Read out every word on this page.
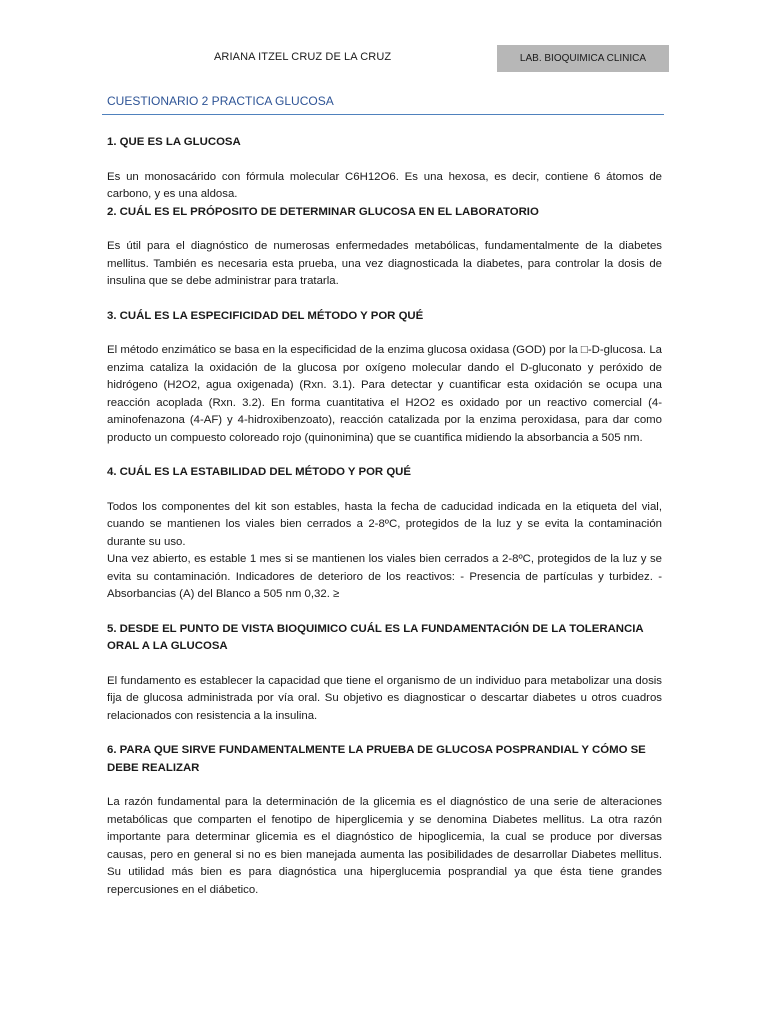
ARIANA ITZEL CRUZ DE LA CRUZ	LAB. BIOQUIMICA CLINICA
CUESTIONARIO 2 PRACTICA GLUCOSA
1. QUE ES LA GLUCOSA

Es un monosacárido con fórmula molecular C6H12O6. Es una hexosa, es decir, contiene 6 átomos de carbono, y es una aldosa.

2. CUÁL ES EL PRÓPOSITO DE DETERMINAR GLUCOSA EN EL LABORATORIO

Es útil para el diagnóstico de numerosas enfermedades metabólicas, fundamentalmente de la diabetes mellitus. También es necesaria esta prueba, una vez diagnosticada la diabetes, para controlar la dosis de insulina que se debe administrar para tratarla.

3. CUÁL ES LA ESPECIFICIDAD DEL MÉTODO Y POR QUÉ

El método enzimático se basa en la especificidad de la enzima glucosa oxidasa (GOD) por la □-D-glucosa. La enzima cataliza la oxidación de la glucosa por oxígeno molecular dando el D-gluconato y peróxido de hidrógeno (H2O2, agua oxigenada) (Rxn. 3.1). Para detectar y cuantificar esta oxidación se ocupa una reacción acoplada (Rxn. 3.2). En forma cuantitativa el H2O2 es oxidado por un reactivo comercial (4-aminofenazona (4-AF) y 4-hidroxibenzoato), reacción catalizada por la enzima peroxidasa, para dar como producto un compuesto coloreado rojo (quinonimina) que se cuantifica midiendo la absorbancia a 505 nm.

4. CUÁL ES LA ESTABILIDAD DEL MÉTODO Y POR QUÉ

Todos los componentes del kit son estables, hasta la fecha de caducidad indicada en la etiqueta del vial, cuando se mantienen los viales bien cerrados a 2-8ºC, protegidos de la luz y se evita la contaminación durante su uso.

Una vez abierto, es estable 1 mes si se mantienen los viales bien cerrados a 2-8ºC, protegidos de la luz y se evita su contaminación. Indicadores de deterioro de los reactivos: - Presencia de partículas y turbidez. - Absorbancias (A) del Blanco a 505 nm 0,32. ≥

5. DESDE EL PUNTO DE VISTA BIOQUIMICO CUÁL ES LA FUNDAMENTACIÓN DE LA TOLERANCIA ORAL A LA GLUCOSA

El fundamento es establecer la capacidad que tiene el organismo de un individuo para metabolizar una dosis fija de glucosa administrada por vía oral. Su objetivo es diagnosticar o descartar diabetes u otros cuadros relacionados con resistencia a la insulina.

6. PARA QUE SIRVE FUNDAMENTALMENTE LA PRUEBA DE GLUCOSA POSPRANDIAL Y CÓMO SE DEBE REALIZAR

La razón fundamental para la determinación de la glicemia es el diagnóstico de una serie de alteraciones metabólicas que comparten el fenotipo de hiperglicemia y se denomina Diabetes mellitus. La otra razón importante para determinar glicemia es el diagnóstico de hipoglicemia, la cual se produce por diversas causas, pero en general si no es bien manejada aumenta las posibilidades de desarrollar Diabetes mellitus. Su utilidad más bien es para diagnóstica una hiperglucemia posprandial ya que ésta tiene grandes repercusiones en el diábetico.
